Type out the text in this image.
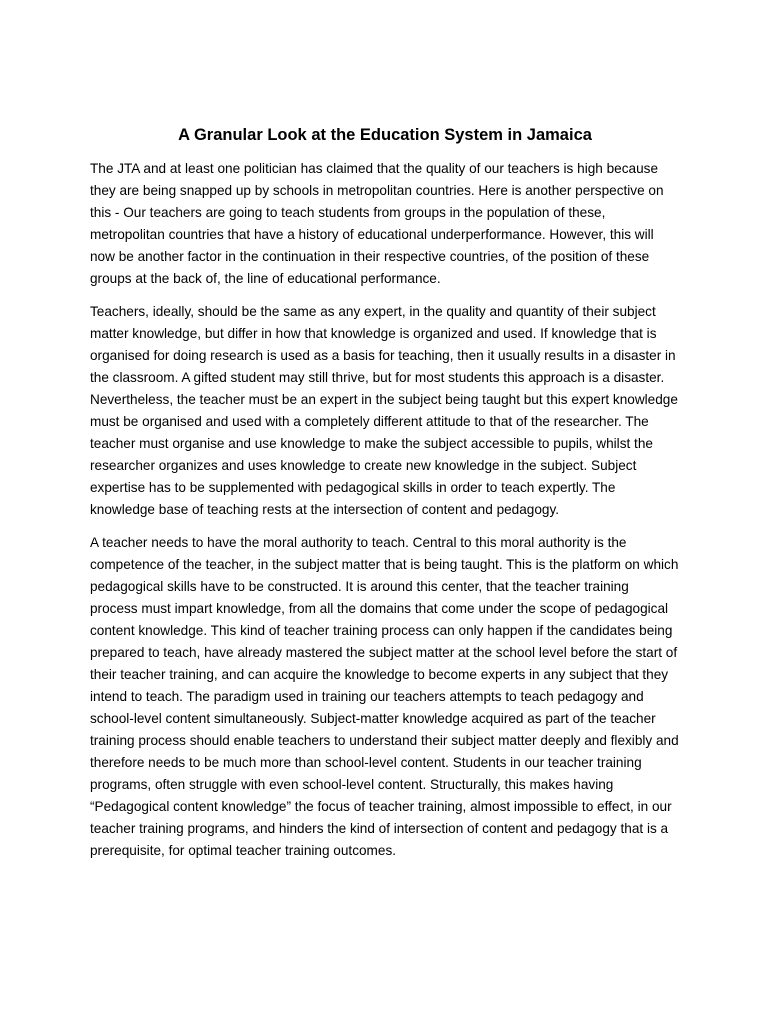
A Granular Look at the Education System in Jamaica

The JTA and at least one politician has claimed that the quality of our teachers is high because they are being snapped up by schools in metropolitan countries. Here is another perspective on this - Our teachers are going to teach students from groups in the population of these, metropolitan countries that have a history of educational underperformance. However, this will now be another factor in the continuation in their respective countries, of the position of these groups at the back of, the line of educational performance.

Teachers, ideally, should be the same as any expert, in the quality and quantity of their subject matter knowledge, but differ in how that knowledge is organized and used. If knowledge that is organised for doing research is used as a basis for teaching, then it usually results in a disaster in the classroom. A gifted student may still thrive, but for most students this approach is a disaster. Nevertheless, the teacher must be an expert in the subject being taught but this expert knowledge must be organised and used with a completely different attitude to that of the researcher. The teacher must organise and use knowledge to make the subject accessible to pupils, whilst the researcher organizes and uses knowledge to create new knowledge in the subject. Subject expertise has to be supplemented with pedagogical skills in order to teach expertly. The knowledge base of teaching rests at the intersection of content and pedagogy.

A teacher needs to have the moral authority to teach. Central to this moral authority is the competence of the teacher, in the subject matter that is being taught. This is the platform on which pedagogical skills have to be constructed. It is around this center, that the teacher training process must impart knowledge, from all the domains that come under the scope of pedagogical content knowledge. This kind of teacher training process can only happen if the candidates being prepared to teach, have already mastered the subject matter at the school level before the start of their teacher training, and can acquire the knowledge to become experts in any subject that they intend to teach. The paradigm used in training our teachers attempts to teach pedagogy and school-level content simultaneously. Subject-matter knowledge acquired as part of the teacher training process should enable teachers to understand their subject matter deeply and flexibly and therefore needs to be much more than school-level content. Students in our teacher training programs, often struggle with even school-level content. Structurally, this makes having “Pedagogical content knowledge” the focus of teacher training, almost impossible to effect, in our teacher training programs, and hinders the kind of intersection of content and pedagogy that is a prerequisite, for optimal teacher training outcomes.
